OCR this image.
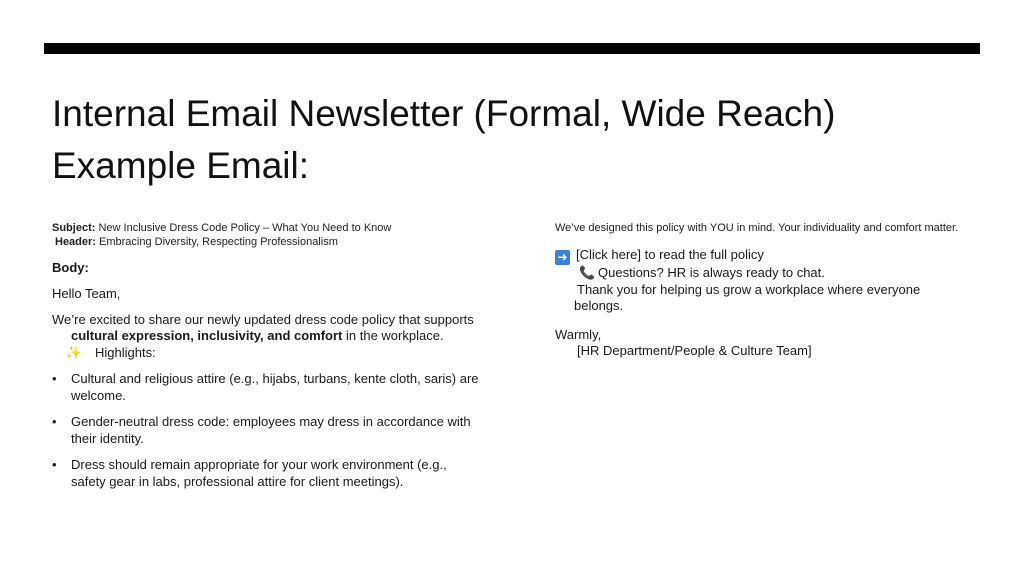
Internal Email Newsletter (Formal, Wide Reach)
Example Email:
Subject: New Inclusive Dress Code Policy – What You Need to Know
Header: Embracing Diversity, Respecting Professionalism
Body:
Hello Team,
We’re excited to share our newly updated dress code policy that supports cultural expression, inclusivity, and comfort in the workplace.
✨ Highlights:
• Cultural and religious attire (e.g., hijabs, turbans, kente cloth, saris) are welcome.
• Gender-neutral dress code: employees may dress in accordance with their identity.
• Dress should remain appropriate for your work environment (e.g., safety gear in labs, professional attire for client meetings).
We’ve designed this policy with YOU in mind. Your individuality and comfort matter.
➜ [Click here] to read the full policy
📞 Questions? HR is always ready to chat.
Thank you for helping us grow a workplace where everyone
belongs.
Warmly,
[HR Department/People & Culture Team]
